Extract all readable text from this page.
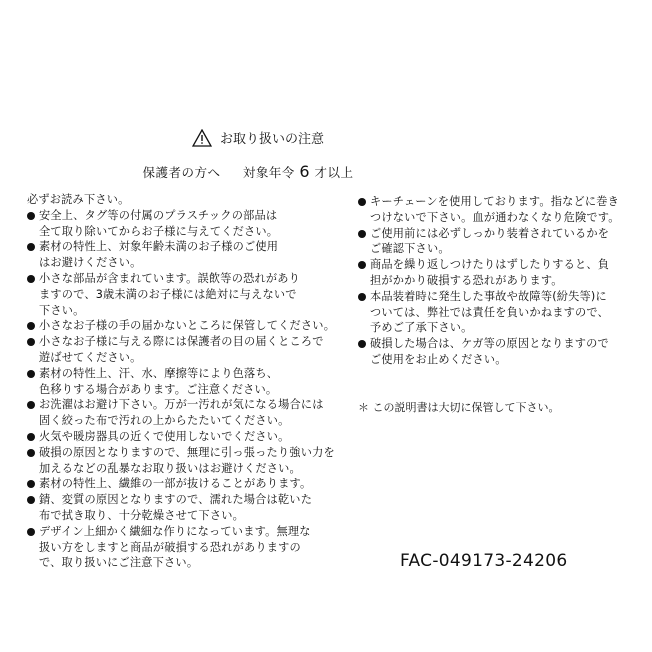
お取り扱いの注意
保護者の方へ 対象年令 6 才以上
必ずお読み下さい。
安全上、タグ等の付属のプラスチックの部品は
全て取り除いてからお子様に与えてください。
素材の特性上、対象年齢未満のお子様のご使用
はお避けください。
小さな部品が含まれています。誤飲等の恐れがあり
ますので、3歳未満のお子様には絶対に与えないで
下さい。
小さなお子様の手の届かないところに保管してください。
小さなお子様に与える際には保護者の目の届くところで
遊ばせてください。
素材の特性上、汗、水、摩擦等により色落ち、
色移りする場合があります。ご注意ください。
お洗濯はお避け下さい。万が一汚れが気になる場合には
固く絞った布で汚れの上からたたいてください。
火気や暖房器具の近くで使用しないでください。
破損の原因となりますので、無理に引っ張ったり強い力を
加えるなどの乱暴なお取り扱いはお避けください。
素材の特性上、繊維の一部が抜けることがあります。
錆、変質の原因となりますので、濡れた場合は乾いた
布で拭き取り、十分乾燥させて下さい。
デザイン上細かく繊細な作りになっています。無理な
扱い方をしますと商品が破損する恐れがありますの
で、取り扱いにご注意下さい。
キーチェーンを使用しております。指などに巻き
つけないで下さい。血が通わなくなり危険です。
ご使用前には必ずしっかり装着されているかを
ご確認下さい。
商品を繰り返しつけたりはずしたりすると、負
担がかかり破損する恐れがあります。
本品装着時に発生した事故や故障等(紛失等)に
ついては、弊社では責任を負いかねますので、
予めご了承下さい。
破損した場合は、ケガ等の原因となりますので
ご使用をお止めください。
＊ この説明書は大切に保管して下さい。
FAC-049173-24206
